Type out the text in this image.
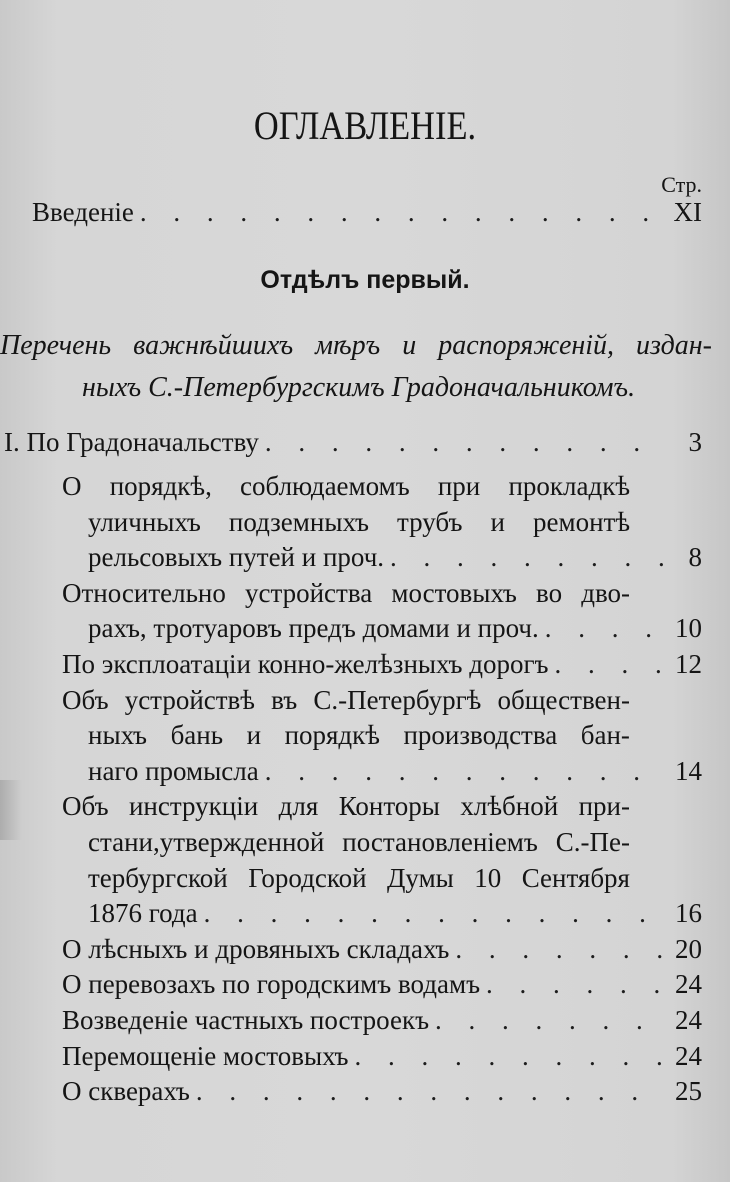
ОГЛАВЛЕНІЕ.
Стр.
Введеніе . . .	XI
Отдѣлъ первый.
Перечень важнѣйшихъ мѣръ и распоряженій, издан-
ныхъ С.-Петербургскимъ Градоначальникомъ.
I. По Градоначальству . . .	3
О порядкѣ, соблюдаемомъ при прокладкѣ
уличныхъ подземныхъ трубъ и ремонтѣ
рельсовыхъ путей и проч. . . .	8
Относительно устройства мостовыхъ во дво-
рахъ, тротуаровъ предъ домами и проч. . . .	10
По эксплоатаціи конно-желѣзныхъ дорогъ . . .	12
Объ устройствѣ въ С.-Петербургѣ обществен-
ныхъ бань и порядкѣ производства бан-
наго промысла . . .	14
Объ инструкціи для Конторы хлѣбной при-
стани,утвержденной постановленіемъ С.-Пе-
тербургской Городской Думы 10 Сентября
1876 года . . .	16
О лѣсныхъ и дровяныхъ складахъ . . .	20
О перевозахъ по городскимъ водамъ . . .	24
Возведеніе частныхъ построекъ . . .	24
Перемощеніе мостовыхъ . . .	24
О скверахъ . . .	25
